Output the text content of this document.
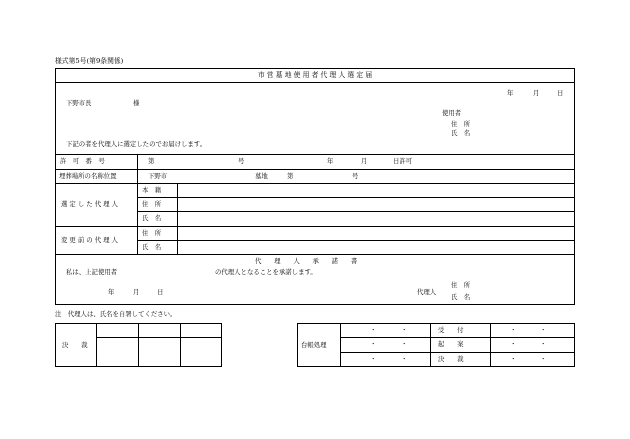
様式第5号(第9条関係)
市 営 墓 地 使 用 者 代 理 人 選 定 届
年	月	日
下野市長	様
使用者
住　所
氏　名
下記の者を代理人に選定したのでお届けします。
許　可　番　号	第	号	年	月	日許可
埋葬場所の名称位置	下野市	墓地	第	号
選 定 し た 代 理 人
本　籍
住　所
氏　名
変 更 前 の 代 理 人
住　所
氏　名
代　　理　　人　　承　　諾　　書
私は、上記使用者	の代理人となることを承諾します。
年	月	日	代理人
住　所
氏　名
注　代理人は、氏名を自署してください。
決　　裁	台帳処理
・	・	受　　付	・	・
・	・	起　　案	・	・
・	・	決　　裁	・	・
